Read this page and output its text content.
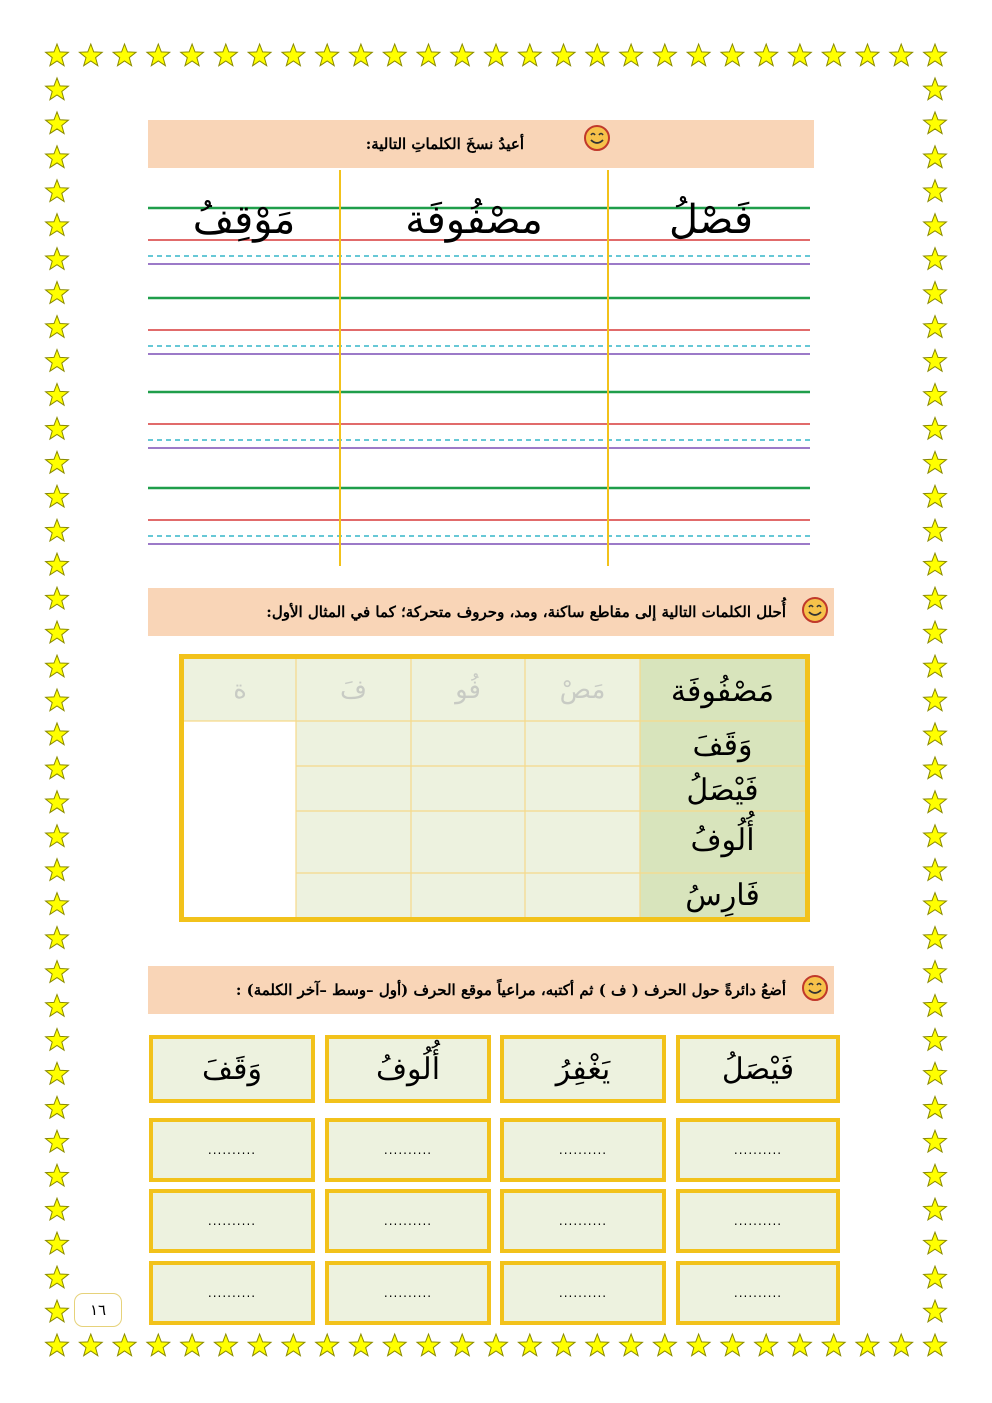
أعيدُ نسخَ الكلماتِ التالية:
فَصْلُ
مصْفُوفَة
مَوْقِفُ
أُحلل الكلمات التالية إلى مقاطع ساكنة، ومد، وحروف متحركة؛ كما في المثال الأول:
مَصْفُوفَة
وَقَفَ
فَيْصَلُ
أُلُوفُ
فَارِسُ
مَصْ
فُو
فَ
ة
أضعُ دائرةً حول الحرف ( ف ) ثم أكتبه، مراعياً موقع الحرف (أول –وسط –آخر الكلمة) :
فَيْصَلُ
يَغْفِرُ
أُلُوفُ
وَقَفَ
..........
..........
..........
..........
..........
..........
..........
..........
..........
..........
..........
..........
١٦
